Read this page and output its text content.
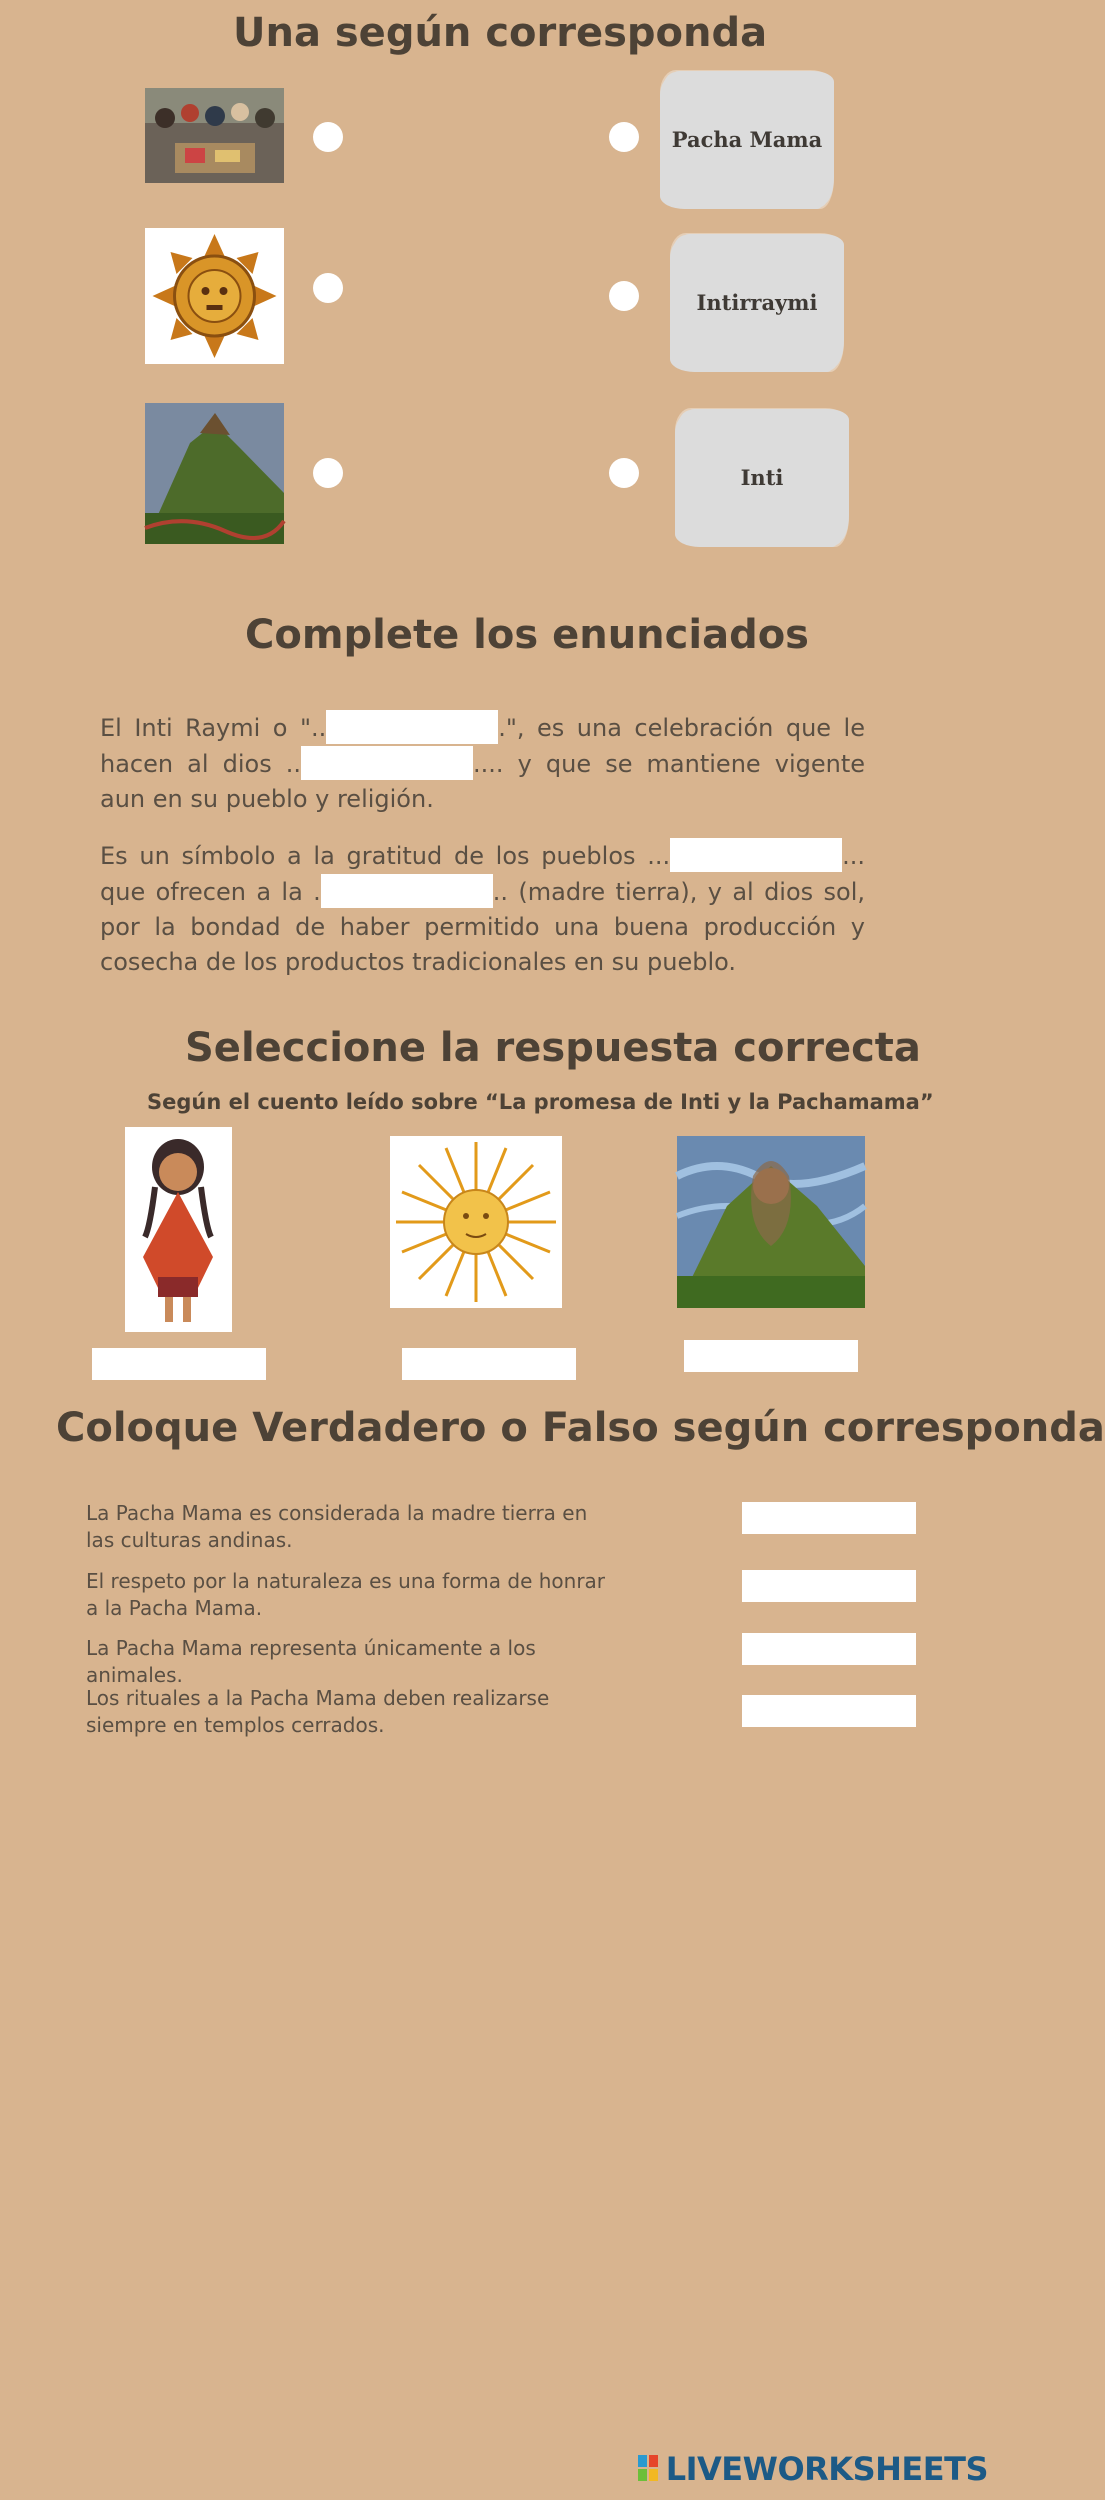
Una según corresponda
Pacha Mama
Intirraymi
Inti
Complete los enunciados
El Inti Raymi o "..	.", es una celebración que le hacen al dios ..	.... y que se mantiene vigente aun en su pueblo y religión.
Es un símbolo a la gratitud de los pueblos ...	... que ofrecen a la .	.. (madre tierra), y al dios sol, por la bondad de haber permitido una buena producción y cosecha de los productos tradicionales en su pueblo.
Seleccione la respuesta correcta
Según el cuento leído sobre “La promesa de Inti y la Pachamama”
Coloque Verdadero o Falso según corresponda
La Pacha Mama es considerada la madre tierra en las culturas andinas.
El respeto por la naturaleza es una forma de honrar a la Pacha Mama.
La Pacha Mama representa únicamente a los animales.
Los rituales a la Pacha Mama deben realizarse siempre en templos cerrados.
LIVEWORKSHEETS
